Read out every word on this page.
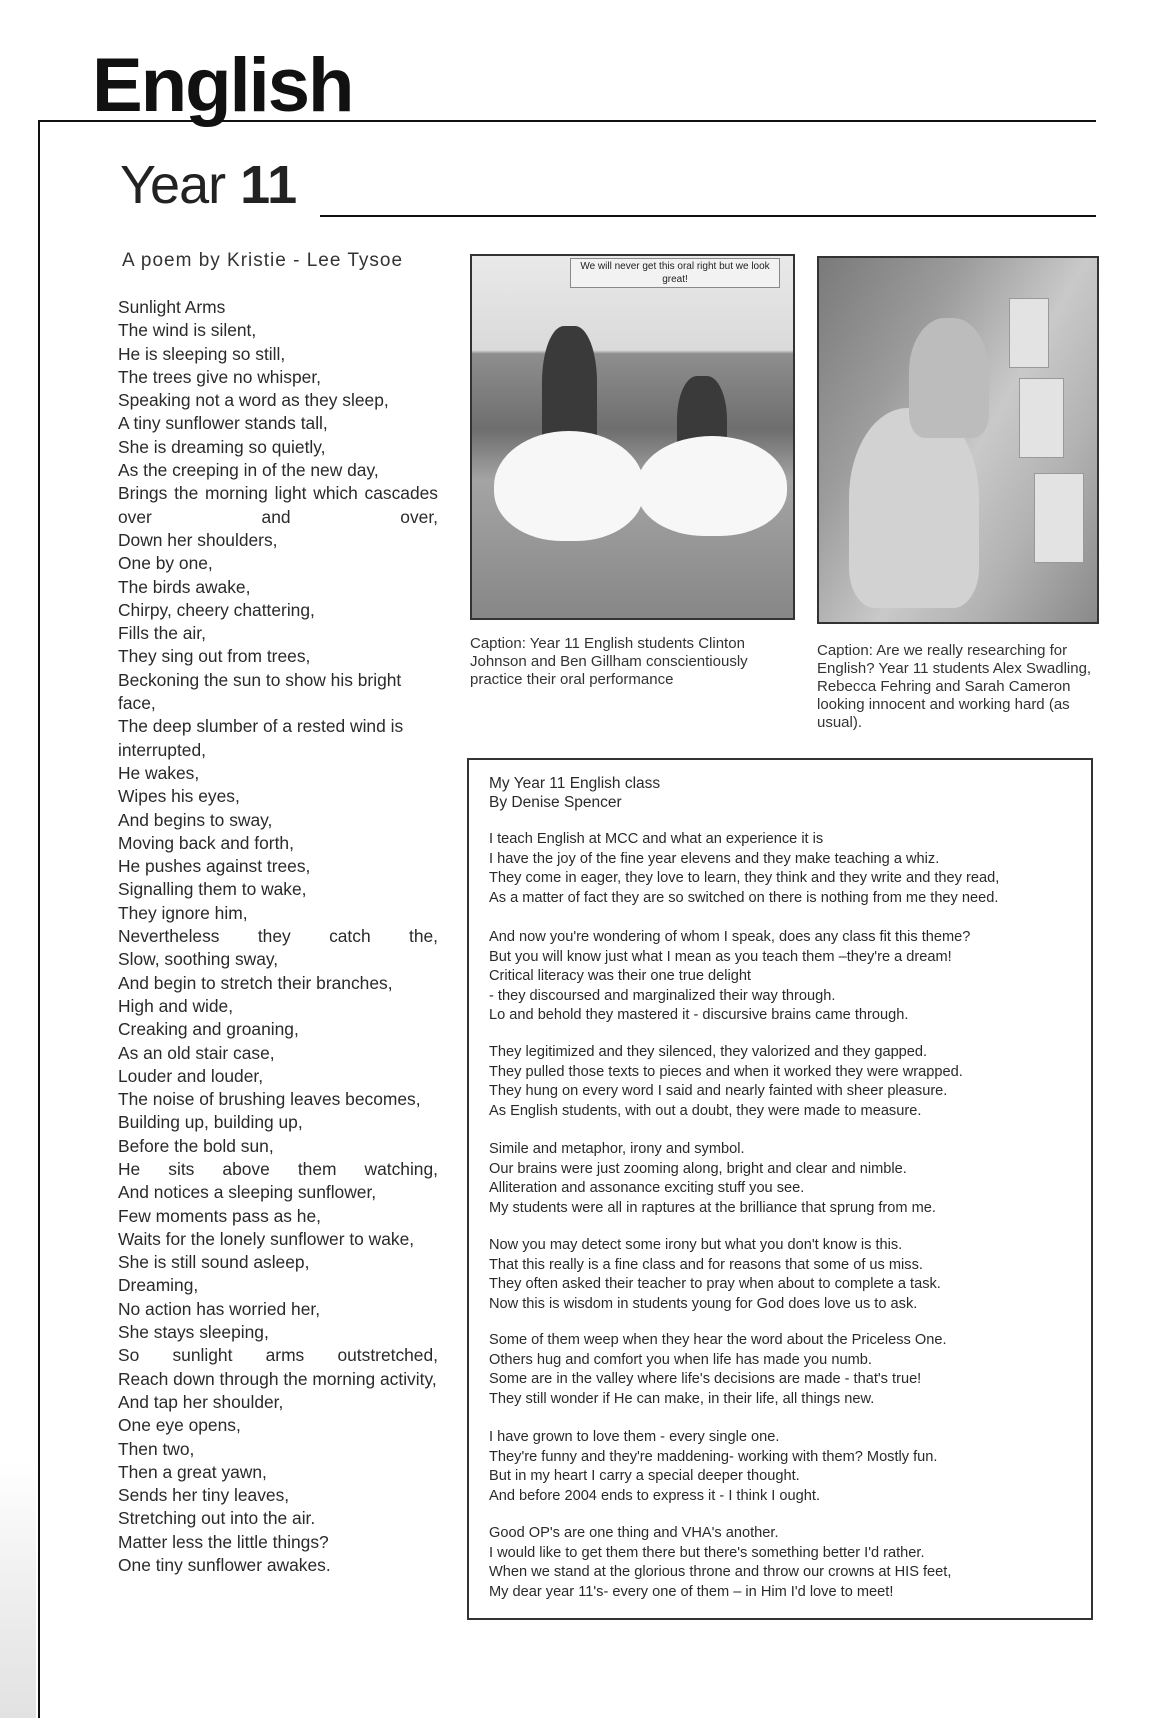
English
Year 11
A poem by Kristie - Lee Tysoe
Sunlight Arms
The wind is silent,
He is sleeping so still,
The trees give no whisper,
Speaking not a word as they sleep,
A tiny sunflower stands tall,
She is dreaming so quietly,
As the creeping in of the new day,
Brings the morning light which cascades over and over,
Down her shoulders,
One by one,
The birds awake,
Chirpy, cheery chattering,
Fills the air,
They sing out from trees,
Beckoning the sun to show his bright face,
The deep slumber of a rested wind is interrupted,
He wakes,
Wipes his eyes,
And begins to sway,
Moving back and forth,
He pushes against trees,
Signalling them to wake,
They ignore him,
Nevertheless they catch the,
Slow, soothing sway,
And begin to stretch their branches,
High and wide,
Creaking and groaning,
As an old stair case,
Louder and louder,
The noise of brushing leaves becomes,
Building up, building up,
Before the bold sun,
He sits above them watching,
And notices a sleeping sunflower,
Few moments pass as he,
Waits for the lonely sunflower to wake,
She is still sound asleep,
Dreaming,
No action has worried her,
She stays sleeping,
So sunlight arms outstretched,
Reach down through the morning activity,
And tap her shoulder,
One eye opens,
Then two,
Then a great yawn,
Sends her tiny leaves,
Stretching out into the air.
Matter less the little things?
One tiny sunflower awakes.
We will never get this oral right but we look great!
Caption: Year 11 English students Clinton Johnson and Ben Gillham conscientiously practice their oral performance
Caption: Are we really researching for English? Year 11 students Alex Swadling, Rebecca Fehring and Sarah Cameron looking innocent and working hard (as usual).
My Year 11 English class
By Denise Spencer
I teach English at MCC and what an experience it is
I have the joy of the fine year elevens and they make teaching a whiz.
They come in eager, they love to learn, they think and they write and they read,
As a matter of fact they are so switched on there is nothing from me they need.
And now you're wondering of whom I speak, does any class fit this theme?
But you will know just what I mean as you teach them –they're a dream!
Critical literacy was their one true delight
- they discoursed and marginalized their way through.
Lo and behold they mastered it - discursive brains came through.
They legitimized and they silenced, they valorized and they gapped.
They pulled those texts to pieces and when it worked they were wrapped.
They hung on every word I said and nearly fainted with sheer pleasure.
As English students, with out a doubt, they were made to measure.
Simile and metaphor, irony and symbol.
Our brains were just zooming along, bright and clear and nimble.
Alliteration and assonance exciting stuff you see.
My students were all in raptures at the brilliance that sprung from me.
Now you may detect some irony but what you don't know is this.
That this really is a fine class and for reasons that some of us miss.
They often asked their teacher to pray when about to complete a task.
Now this is wisdom in students young for God does love us to ask.
Some of them weep when they hear the word about the Priceless One.
Others hug and comfort you when life has made you numb.
Some are in the valley where life's decisions are made - that's true!
They still wonder if He can make, in their life, all things new.
I have grown to love them - every single one.
They're funny and they're maddening- working with them? Mostly fun.
But in my heart I carry a special deeper thought.
And before 2004 ends to express it - I think I ought.
Good OP's are one thing and VHA's another.
I would like to get them there but there's something better I'd rather.
When we stand at the glorious throne and throw our crowns at HIS feet,
My dear year 11's- every one of them – in Him I'd love to meet!
